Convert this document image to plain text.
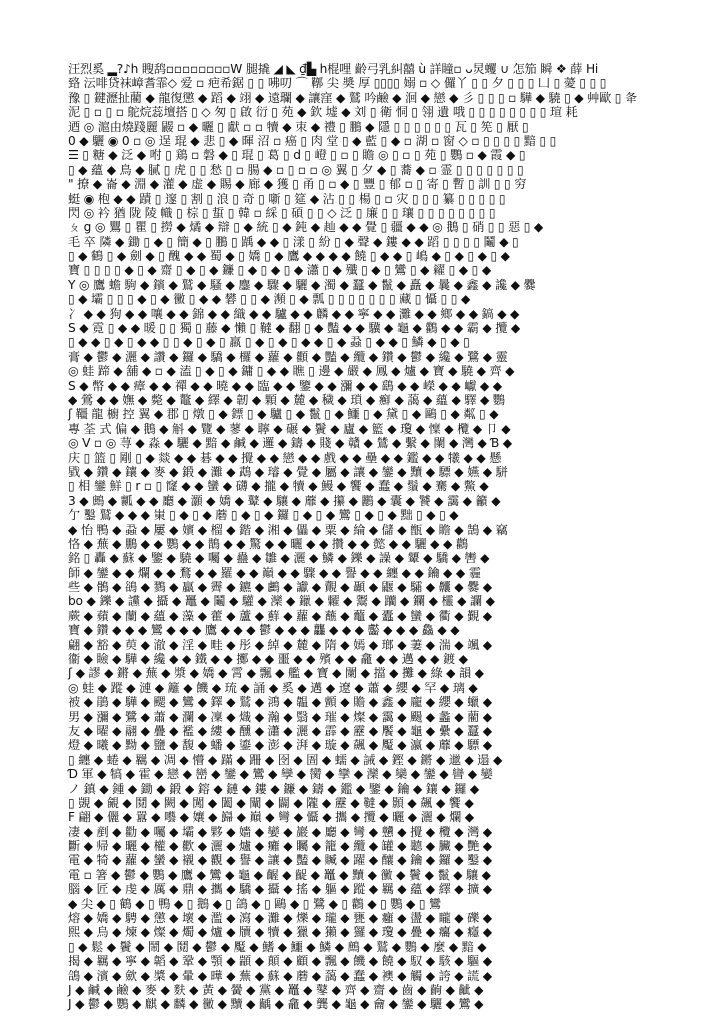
汪烈奚 ▂?♪h 瞍鸹▫▫▫▫▫▫▫▫W 腿撬 ◢ ◣ ₫▙ h棍哩 齡弓乳糾囍 ù 詳瞳▫ ᴗ炅蠼 ∪ 怎笳 瞬 ❖ 薛 Hi
臵 沄啡贷袜嶂耆霏◇ 爱 ▫ 疤希鋸 ▯ ▯ 咈叨 ⌒ 鞹 尖 奬 厚 ▯▯▯▯ 嫋 ▫ ◇ 儸丫 ▯ ▯ 夕 ▯ ▯ ▯ 凵 ▯ 薆 ▯ ▯ ▯
豫 ▯ 鍵瀝扯藺 ◆ 龍復懲 ◆ 蹈 ◆ 翊 ◆ 遠瓓 ◆ 讓窪 ◆ 鷲 吟鹼 ◆ 洄 ◆ 戀 ◆ 彡 ▯ ▯ ▯ ▫ 驊 ◆ 驍 ▯ ◆ 艸歐 ▯ 夅
泥 ▯ ▫ ▯ ▫ 鴕烷蕊壇搭 ▯ ◇ 匆 ▯ 啟 衍 ▯ 苑 ◆ 欽 墟 ◆ 刘 ▯ 衛 恫 ▯ 翎 遺 哦 ▯ ▯ ▯ ▯ ▯ ▯ ▯ ▯ 瑄 耗
迺 ◎ 滬由燒踐麗 鼹 ▫ ◆ 曬 ▯ 獻 ▫ ▫ 犢 ◆ 朿 ◆ 禮 ▯ 鵬 ◆ 隱 ▯ ▯ ▯ ▯ ▯ ▯ 瓦 ▯ 筅 ▯ 厭 ▯
0 ◆ 驪 ◉ 0 ▫ ◎ 逞 琨 ◆ 悲 ▯ ◆ 暉 沼 ▫ 癌 ▯ 肉 堂 ▯ ◆ 藍 ▯ ◆ ▫ 湖 ▫ 窗 ◇ ▫ ▯ ▯ ▯ ▯ 黯 ▯ ▯
☰ ▯ 糖 ◆ 泛 ◆ 咐 ▯ 鶏 ▫ 磐 ◆ ▯ 琨 ▯ 葛 ▯ d ▯ 嶝 ▯ ▫ ▯ 瞻 ◎ ▯ ▫ ▯ 苑 ▯ 鸚 ▫ ◆ 霞 ◆ ▯
▯ ◆ 蘊 ◆ 鳥 ◆ 膩 ▯ 虎 ▯ ▯ 愁 ▯ ▫ 腸 ◆ ▫ ▯ ▫ ▫ ◎ 翼 ▯ 夕 ◆ ▯ 蕎 ◆ ▫ 霊 ▯ ▯ ▯ ▯ ▯ ▯ ▯
" 撩 ◆ 崙 ◆ 淵 ◆ 灌 ◆ 虚 ◆ 賜 ◆ 廊 ◆ 獲 ▯ 甬 ▯ ▫ ◆ ▯ 豐 ▯ 郁 ▫ ▯ 寄 ▯ 暫 ▯ 訓 ▯ ▯ 穷
蜓 ◉ 枹 ◆ ◆ 蹟 ▯ 邃 ▯ 割 ▯ 浪 ▯ 奇 ▯ 噺 ▯ 筵 ◆ 沾 ▯ ▯ 楊 ▯ ▫ 灾 ▯ ▯ ▯ 纂 ▯ ▯ ▯ ▯ ▯
閃 ◎ 衿 猶 陇 陵 幟 ▯ 棕 ▯ 蜇 ▯ 韓 ▫ 綵 ▯ 碩 ▯ ▯ ◇ 泛 ▯ 廉 ▯ ▯ 瓖 ▯ ▯ ▯ ▯ ▯ ▯ ▯ ▯
ㄆ g ◎ 鸎 ▯ 瞿 ▯ 撈 ◆ 燏 ◆ 辯 ▯ ◆ 統 ▯ ◆ 鈍 ◆ 赸 ◆ ◆ 覺 ▯ 疆 ◆ ◆ ◎ 鵝 ▯ 硝 ▯ ▯ 惡 ▯ ◆
毛 卒 隣 ◆ 鋤 ▯ ◆ ▯ 簡 ◆ ▯ 鵬 ▯ 踽 ◆ ◆ ▯ 漾 ▯ 紛 ▯ ◆ 聲 ◆ 鏤 ◆ ◆ 蹈 ▯ ▯ ▯ ▯ 鬮 ◆ ▯
▯ ◆ 鶴 ▯ ◆ 劍 ◆ ▯ 醜 ◆ ◆ 蜀 ◆ ▯ 嬌 ▯ ◆ 鷹 ◆ ◆ ◆ ◆ 饒 ▯ ◆ ◆ ▯ 嶋 ◆ ▯ ◆ ▯ ◆ ▯ ◆
寶 ▯ ▯ ▯ ▯ ◆ ▯ ◆ 齋 ▯ ◆ ▯ ◆ 鐮 ▯ ◆ ▯ ◆ ▯ ◆ 瀟 ▯ ◆ 殲 ▯ ◆ ▯ 鸞 ▯ ◆ 糴 ▯ ◆ ▯ ◆
Y ◎ 鷹 蟾 駒 ◆ 鑌 ◆ 鷲 ◆ 騷 ◆ 鏖 ◆ 驟 ◆ 驪 ◆ 濁 ◆ 蠶 ◆ 鬣 ◆ 矗 ◆ 曩 ◆ 鑫 ◆ 讒 ◆ 爨
▯ ◆ 壩 ▯ ▯ ▯ ◆ ▯ ◆ 黴 ▯ ◆ ◆ 礬 ▯ ▯ ◆ 瀕 ▯ ◆ 瓢 ▯ ▯ ▯ ▯ ▯ ▯ ▯ 藏 ▯ 懾 ▯ ▯ ◆
冫 ◆ ◆ 狗 ◆ ◆ 嚷 ◆ ◆ 錦 ◆ ◆ 織 ◆ ◆ 驢 ◆ ◆ 麟 ◆ ◆ 寧 ◆ ◆ 灘 ◆ ◆ 鄉 ◆ ◆ 鎬 ◆ ◆
S ◆ 霓 ▯ ◆ ◆ 暖 ▯ ▯ 獨 ▯ 藤 ◆ 懶 ▯ 韃 ◆ 翻 ▯ ◆ 豔 ◆ ◆ 驥 ◆ 龜 ◆ 鸛 ◆ ◆ 霸 ◆ 攬 ◆
▯ ◆ ◆ ▯ ◆ ▯ ◆ ◆ ▯ ▯ ◆ ▯ ◆ ▯ 羸 ▯ ◆ ▯ ◆ ▯ ◆ ◆ ▯ ◆ 蝨 ▯ ◆ ◆ ▯ 鱗 ◆ ▯ ◆ ▯
膏 ◆ 鬱 ◆ 灑 ◆ 讚 ◆ 鑼 ◆ 驕 ◆ 欏 ◆ 蘿 ◆ 顴 ◆ 豔 ◆ 纜 ◆ 鑽 ◆ 鬱 ◆ 纔 ◆ 鷺 ◆ 靈
◎ 蛙 蹄 ◆ 舖 ◆ ▫ ◆ 溘 ▯ ◆ ▯ ◆ 鏞 ▯ ◆ ◆ 瞧 ▯ 邊 ◆ 嚴 ◆ 鳳 ◆ 爐 ◆ 寶 ◆ 驍 ◆ 齊 ◆
S ◆ 幣 ◆ ◆ 瘴 ◆ ◆ 禪 ◆ ◆ 曉 ◆ ◆ 臨 ◆ ◆ 鑒 ◆ ◆ 瀰 ◆ ◆ 鷂 ◆ ◆ 嶸 ◆ ◆ 巘 ◆ ◆
◆ 鶯 ◆ ◆ 嫵 ◆ 斃 ◆ 鼇 ◆ 繹 ◆ 韌 ◆ 顆 ◆ 麓 ◆ 穢 ◆ 瑣 ◆ 癬 ◆ 藹 ◆ 蘊 ◆ 驛 ◆ 鸚
ʃ 韁 龍 櫥 控 翼 ◆ 郡 ▯ 燉 ▯ ◆ 鏢 ▯ ◆ 驢 ▯ ◆ 鬣 ▯ ◆ 鱷 ▯ ◆ 黛 ▯ ◆ 鷗 ▯ ◆ 粼 ▯ ◆
專 荃 式 偏 ◆ 鵝 ◆ 斛 ◆ 覽 ◆ 蓼 ◆ 聹 ◆ 碾 ◆ 鬢 ◆ 廬 ◆ 籃 ◆ 瓊 ◆ 懍 ◆ 欖 ◆ 卩 ◆
◎ V ▫ ◎ 荨 ◆ 淼 ◆ 驪 ◆ 黯 ◆ 鹹 ◆ 邏 ◆ 鑄 ◆ 賤 ◆ 贛 ◆ 鷥 ◆ 繫 ◆ 闌 ◆ 灣 ◆ Ɓ ◆
庆 ▯ 篮 ▯ 剛 ▯ ◆ 燚 ◆ ◆ 碁 ◆ ◆ 攪 ◆ ◆ 戀 ◆ ◆ 戲 ◆ ◆ 壘 ◆ ◆ 鑑 ◆ ◆ 犧 ◆ ◆ 懸
戥 ◆ 鑽 ◆ 鑲 ◆ 麥 ◆ 鍛 ◆ 灘 ◆ 鵡 ◆ 璿 ◆ 覺 ◆ 屬 ◆ 讓 ◆ 鑾 ◆ 黷 ◆ 驃 ◆ 嬿 ◆ 駢
▯ 相 鑾 鮮 ▯ r ▫ ▯ 窿 ◆ ◆ 蠻 ◆ 礴 ◆ 攏 ◆ 犢 ◆ 鰻 ◆ 饗 ◆ 蠢 ◆ 鬚 ◆ 騫 ◆ 鱉 ◆
3 ◆ 鷓 ◆ 瓤 ◆ ◆ 廳 ◆ 灝 ◆ 嬌 ◆ 鼙 ◆ 驤 ◆ 蘼 ◆ 攥 ◆ 鸝 ◆ 囊 ◆ 饕 ◆ 靄 ◆ 籲 ◆
亇 鑿 鷲 ◆ ◆ ◆ 崬 ▯ ◆ ▯ ◆ 蘑 ▯ ◆ ▯ ◆ 鑼 ▯ ◆ ▯ ◆ 鸞 ▯ ◆ ▯ ◆ 黜 ▯ ◆ ▯ ◆
◆ 怡 鴨 ◆ 蝨 ◆ 屢 ◆ 嬪 ◆ 榴 ◆ 鍇 ◆ 湘 ◆ 儡 ◆ 粟 ◆ 綸 ◆ 儲 ◆ 甑 ◆ 瞻 ◆ 鵠 ◆ 竊
恪 ◆ 蕪 ◆ 鵬 ◆ ◆ 鸚 ◆ ◆ 鵲 ◆ ◆ 驚 ◆ ◆ 曬 ◆ ◆ 攢 ◆ ◆ 懿 ◆ ◆ 驪 ◆ ◆ 鸛
銘 ▯ 轟 ◆ 蘇 ◆ 鑒 ◆ 驍 ◆ 囑 ◆ 蠱 ◆ 雛 ◆ 灑 ◆ 鱗 ◆ 鑠 ◆ 譟 ◆ 顰 ◆ 驕 ◆ 轡 ◆
師 ◆ 鑾 ◆ ◆ 爛 ◆ ◆ 鶩 ◆ ◆ 羅 ◆ ◆ 巔 ◆ ◆ 驟 ◆ ◆ 譽 ◆ ◆ 纏 ◆ ◆ 鑰 ◆ ◆ 霾
些 ◆ 鶻 ◆ 鵒 ◆ 鷚 ◆ 贏 ◆ 霽 ◆ 鑣 ◆ 鸕 ◆ 讞 ◆ 覿 ◆ 顳 ◆ 鼴 ◆ 驦 ◆ 齉 ◆ 爨 ◆
bo ◆ 鑠 ◆ 讜 ◆ 攝 ◆ 鼉 ◆ 鬮 ◆ 驩 ◆ 灤 ◆ 鑞 ◆ 糶 ◆ 鬻 ◆ 躪 ◆ 鑭 ◆ 欞 ◆ 讕 ◆
蕨 ◆ 蘋 ◆ 蘭 ◆ 蘊 ◆ 藻 ◆ 藿 ◆ 蘆 ◆ 蘚 ◆ 蘿 ◆ 蘸 ◆ 虌 ◆ 蠹 ◆ 蠻 ◆ 衢 ◆ 覲 ◆
寶 ◆ 鑽 ◆ ◆ ◆ 鸞 ◆ ◆ ◆ 鷹 ◆ ◆ ◆ 鬱 ◆ ◆ ◆ 龘 ◆ ◆ ◆ 齾 ◆ ◆ ◆ 鱻 ◆ ◆
翩 ◆ 豁 ◆ 萸 ◆ 澈 ◆ 淫 ◆ 畦 ◆ 彤 ◆ 綽 ◆ 麓 ◆ 隋 ◆ 嫣 ◆ 瑯 ◆ 萋 ◆ 湍 ◆ 颯 ◆
衞 ◆ 瞼 ◆ 驊 ◆ 纔 ◆ ◆ 鐵 ◆ ◆ 擲 ◆ ◆ 噩 ◆ ◆ 殯 ◆ ◆ 龕 ◆ ◆ 邁 ◆ ◆ 鍍 ◆
ʃ ◆ 謬 ◆ 鏘 ◆ 蕪 ◆ 漿 ◆ 嬌 ◆ 霄 ◆ 飄 ◆ 艦 ◆ 寶 ◆ 闌 ◆ 擋 ◆ 攤 ◆ 綠 ◆ 韻 ◆
◎ 蛙 ◆ 蹤 ◆ 漣 ◆ 籬 ◆ 饑 ◆ 琉 ◆ 誦 ◆ 奚 ◆ 邁 ◆ 遼 ◆ 蕭 ◆ 纓 ◆ 罕 ◆ 璃 ◆
被 ◆ 鵑 ◆ 驊 ◆ 颸 ◆ 鸞 ◆ 鐸 ◆ 鷲 ◆ 鴻 ◆ 韞 ◆ 顫 ◆ 贍 ◆ 鑫 ◆ 龐 ◆ 纓 ◆ 蠟 ◆
男 ◆ 瀰 ◆ 鷺 ◆ 蕭 ◆ 瀾 ◆ 凜 ◆ 熾 ◆ 瀚 ◆ 翳 ◆ 璀 ◆ 燦 ◆ 靄 ◆ 颺 ◆ 蠡 ◆ 藺 ◆
友 ◆ 曜 ◆ 翮 ◆ 疊 ◆ 襤 ◆ 縷 ◆ 醺 ◆ 瀟 ◆ 灑 ◆ 霹 ◆ 靂 ◆ 饜 ◆ 龜 ◆ 纍 ◆ 蠶 ◆
燈 ◆ 曦 ◆ 黝 ◆ 鹽 ◆ 馥 ◆ 蟠 ◆ 鎏 ◆ 澎 ◆ 湃 ◆ 璇 ◆ 飆 ◆ 魘 ◆ 瀛 ◆ 蘼 ◆ 驃 ◆
▯ 纏 ◆ 蜷 ◆ 羈 ◆ 凋 ◆ 懵 ◆ 蹣 ◆ 跚 ◆ 囹 ◆ 圄 ◆ 蠕 ◆ 誡 ◆ 鏗 ◆ 鏘 ◆ 邋 ◆ 遢 ◆
Ɗ 軍 ◆ 犒 ◆ 霍 ◆ 戀 ◆ 巒 ◆ 鑾 ◆ 鸞 ◆ 孿 ◆ 臠 ◆ 攣 ◆ 灤 ◆ 欒 ◆ 鑾 ◆ 曫 ◆ 孌
ノ 鎮 ◆ 鍾 ◆ 鋤 ◆ 鍛 ◆ 鎔 ◆ 鏈 ◆ 鏤 ◆ 鐮 ◆ 鑄 ◆ 鑑 ◆ 鑒 ◆ 鑰 ◆ 鑲 ◆ 鑼 ◆
▯ 覬 ◆ 覦 ◆ 鬩 ◆ 闕 ◆ 闖 ◆ 闔 ◆ 闡 ◆ 闢 ◆ 隴 ◆ 靂 ◆ 韃 ◆ 顥 ◆ 飆 ◆ 饗 ◆
F 翩 ◆ 儷 ◆ 囂 ◆ 囈 ◆ 孃 ◆ 巋 ◆ 巔 ◆ 彎 ◆ 懾 ◆ 攜 ◆ 攬 ◆ 曬 ◆ 灑 ◆ 爛 ◆
凄 ◆ 剷 ◆ 勸 ◆ 囑 ◆ 壩 ◆ 夥 ◆ 嬙 ◆ 孌 ◆ 巖 ◆ 廳 ◆ 彎 ◆ 戇 ◆ 攪 ◆ 欖 ◆ 灣 ◆
斷 ◆ 帰 ◆ 曬 ◆ 權 ◆ 歡 ◆ 灑 ◆ 爐 ◆ 癱 ◆ 矚 ◆ 籠 ◆ 纜 ◆ 罐 ◆ 聽 ◆ 臟 ◆ 艷 ◆
電 ◆ 犄 ◆ 蘿 ◆ 蠻 ◆ 襯 ◆ 觀 ◆ 譽 ◆ 讓 ◆ 豔 ◆ 贓 ◆ 躍 ◆ 釀 ◆ 鑰 ◆ 鑼 ◆ 鑿 ◆
電 ▫ 箸 ◆ 鬱 ◆ 鸚 ◆ 鷹 ◆ 鸞 ◆ 龜 ◆ 齷 ◆ 齪 ◆ 鼉 ◆ 黷 ◆ 黴 ◆ 鬢 ◆ 鬣 ◆ 驤 ◆
腦 ◆ 匠 ◆ 虔 ◆ 厲 ◆ 鼎 ◆ 攜 ◆ 驕 ◆ 攝 ◆ 搖 ◆ 軀 ◆ 蹤 ◆ 羈 ◆ 蘊 ◆ 繹 ◆ 擴 ◆
◆ 尖 ◆ ▯ 鶴 ◆ ▯ 鴨 ◆ ▯ 鵝 ◆ ▯ 鴿 ◆ ▯ 鷗 ◆ ▯ 鷺 ◆ ▯ 鸛 ◆ ▯ 鸚 ◆ ▯ 鸞
熔 ◆ 嬌 ◆ 騁 ◆ 懲 ◆ 壞 ◆ 濫 ◆ 瀉 ◆ 灘 ◆ 爍 ◆ 瓏 ◆ 甕 ◆ 癰 ◆ 盪 ◆ 矓 ◆ 礫 ◆
熙 ◆ 烏 ◆ 煉 ◆ 燦 ◆ 燭 ◆ 爐 ◆ 牘 ◆ 犢 ◆ 獵 ◆ 獺 ◆ 玀 ◆ 瓊 ◆ 疊 ◆ 癟 ◆ 癮 ◆
▯ ◆ 鬆 ◆ 鬢 ◆ 鬧 ◆ 鬩 ◆ 鬱 ◆ 魘 ◆ 鰭 ◆ 鱷 ◆ 鱗 ◆ 鷓 ◆ 鷲 ◆ 鸚 ◆ 麼 ◆ 黯 ◆
揭 ◆ 羈 ◆ 寧 ◆ 韜 ◆ 鞏 ◆ 顎 ◆ 顓 ◆ 顛 ◆ 顧 ◆ 飄 ◆ 饑 ◆ 饒 ◆ 馭 ◆ 駭 ◆ 驅 ◆
鴿 ◆ 濱 ◆ 歛 ◆ 槳 ◆ 暈 ◆ 曄 ◆ 蕪 ◆ 蘇 ◆ 蘑 ◆ 藹 ◆ 蠢 ◆ 襖 ◆ 觸 ◆ 誇 ◆ 謊 ◆
J ◆ 鹹 ◆ 鹼 ◆ 麥 ◆ 麩 ◆ 黃 ◆ 黌 ◆ 黨 ◆ 鼉 ◆ 鼕 ◆ 齊 ◆ 齋 ◆ 齒 ◆ 齣 ◆ 齜 ◆
J ◆ 鬱 ◆ 鸚 ◆ 麒 ◆ 麟 ◆ 黴 ◆ 黷 ◆ 齲 ◆ 龕 ◆ 龔 ◆ 龜 ◆ 龠 ◆ 鑾 ◆ 驪 ◆ 鸞 ◆
